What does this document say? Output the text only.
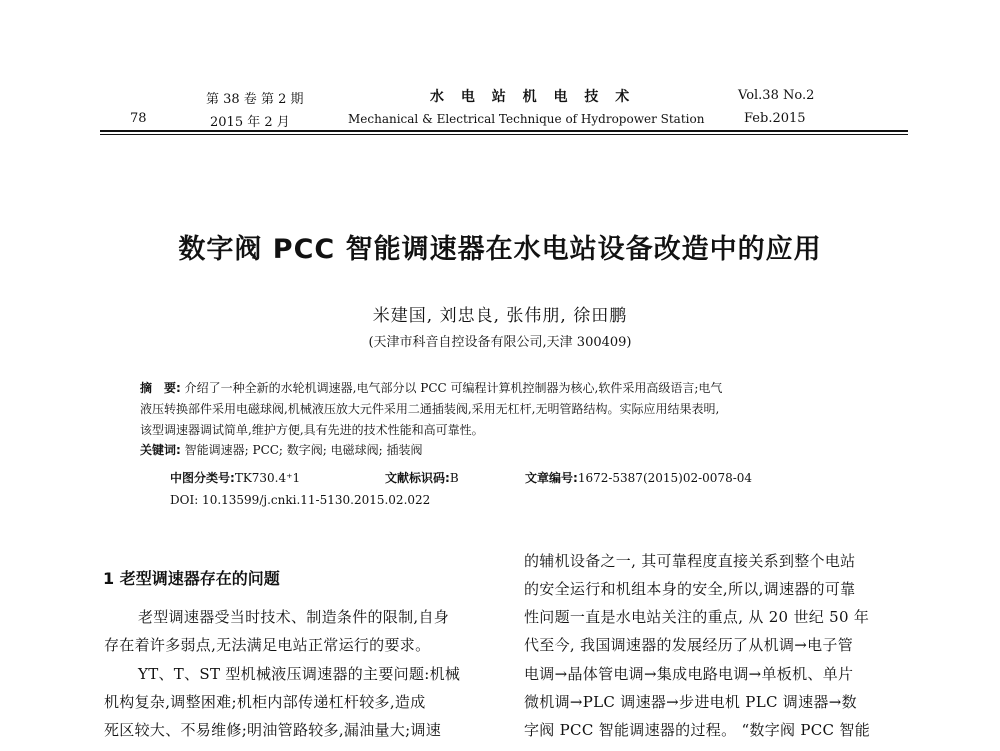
78
第 38 卷 第 2 期
2015 年 2 月
水 电 站 机 电 技 术
Mechanical & Electrical Technique of Hydropower Station
Vol.38 No.2
Feb.2015
数字阀 PCC 智能调速器在水电站设备改造中的应用
米建国, 刘忠良, 张伟朋, 徐田鹏
(天津市科音自控设备有限公司,天津 300409)
摘　要: 介绍了一种全新的水轮机调速器,电气部分以 PCC 可编程计算机控制器为核心,软件采用高级语言;电气
液压转换部件采用电磁球阀,机械液压放大元件采用二通插装阀,采用无杠杆,无明管路结构。实际应用结果表明,
该型调速器调试简单,维护方便,具有先进的技术性能和高可靠性。
关键词: 智能调速器; PCC; 数字阀; 电磁球阀; 插装阀
中图分类号:TK730.4⁺1	文献标识码:B	文章编号:1672-5387(2015)02-0078-04
DOI: 10.13599/j.cnki.11-5130.2015.02.022
1 老型调速器存在的问题
老型调速器受当时技术、制造条件的限制,自身
存在着许多弱点,无法满足电站正常运行的要求。
YT、T、ST 型机械液压调速器的主要问题:机械
机构复杂,调整困难;机柜内部传递杠杆较多,造成
死区较大、不易维修;明油管路较多,漏油量大;调速
的辅机设备之一, 其可靠程度直接关系到整个电站
的安全运行和机组本身的安全,所以,调速器的可靠
性问题一直是水电站关注的重点, 从 20 世纪 50 年
代至今, 我国调速器的发展经历了从机调→电子管
电调→晶体管电调→集成电路电调→单板机、单片
微机调→PLC 调速器→步进电机 PLC 调速器→数
字阀 PCC 智能调速器的过程。 “数字阀 PCC 智能
